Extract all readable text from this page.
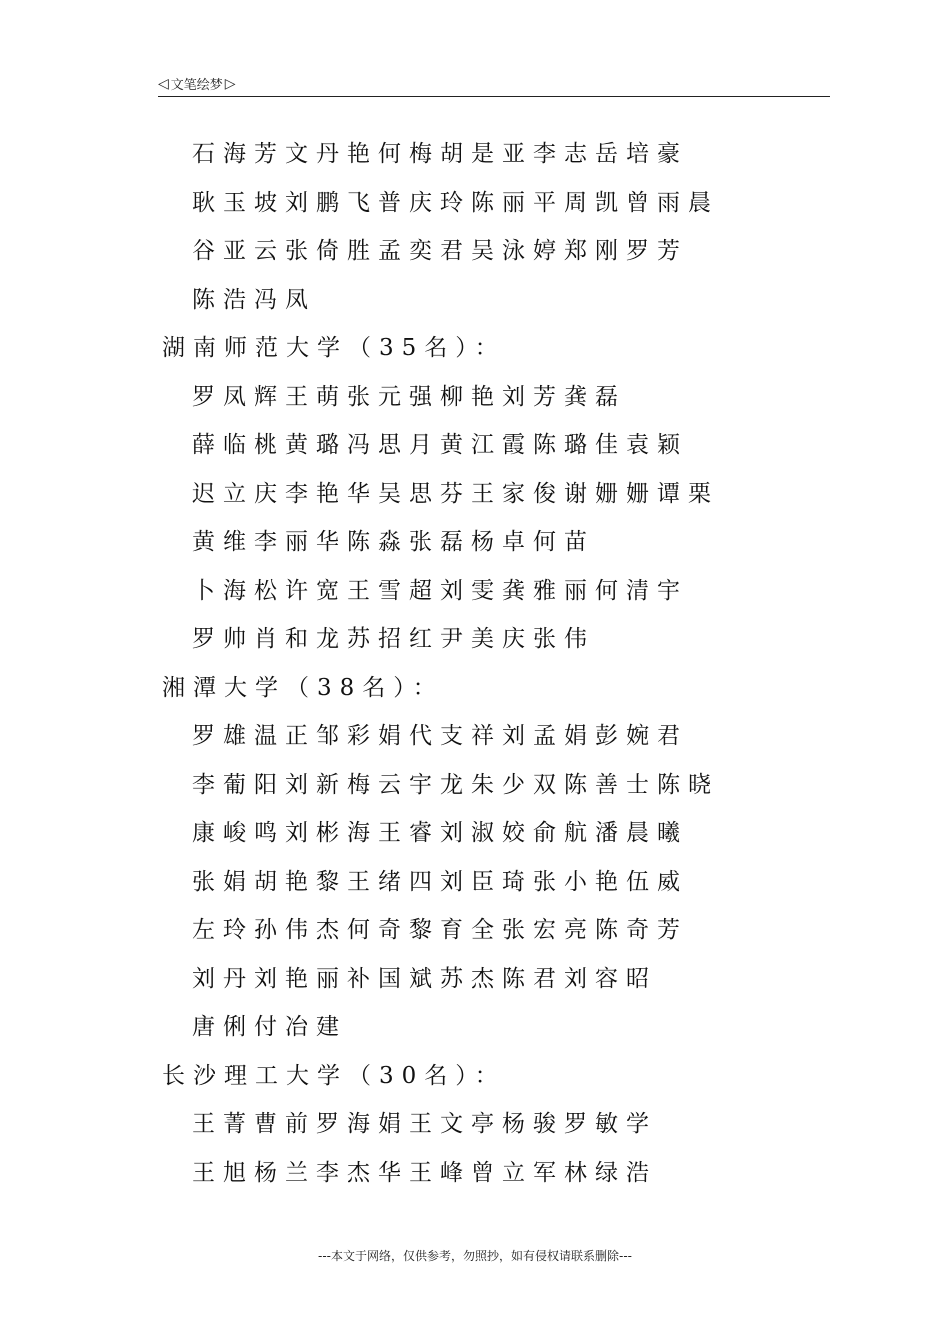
◁ 文笔绘梦 ▷
石海芳文丹艳何梅胡是亚李志岳培豪
耿玉坡刘鹏飞普庆玲陈丽平周凯曾雨晨
谷亚云张倚胜孟奕君吴泳婷郑刚罗芳
陈浩冯凤
湖南师范大学（35名）：
罗凤辉王萌张元强柳艳刘芳龚磊
薛临桃黄璐冯思月黄江霞陈璐佳袁颖
迟立庆李艳华吴思芬王家俊谢姗姗谭栗
黄维李丽华陈淼张磊杨卓何苗
卜海松许宽王雪超刘雯龚雅丽何清宇
罗帅肖和龙苏招红尹美庆张伟
湘潭大学（38名）：
罗雄温正邹彩娟代支祥刘孟娟彭婉君
李葡阳刘新梅云宇龙朱少双陈善士陈晓
康峻鸣刘彬海王睿刘淑姣俞航潘晨曦
张娟胡艳黎王绪四刘臣琦张小艳伍威
左玲孙伟杰何奇黎育全张宏亮陈奇芳
刘丹刘艳丽补国斌苏杰陈君刘容昭
唐俐付冶建
长沙理工大学（30名）：
王菁曹前罗海娟王文亭杨骏罗敏学
王旭杨兰李杰华王峰曾立军林绿浩
---本文于网络，仅供参考，勿照抄，如有侵权请联系删除---
